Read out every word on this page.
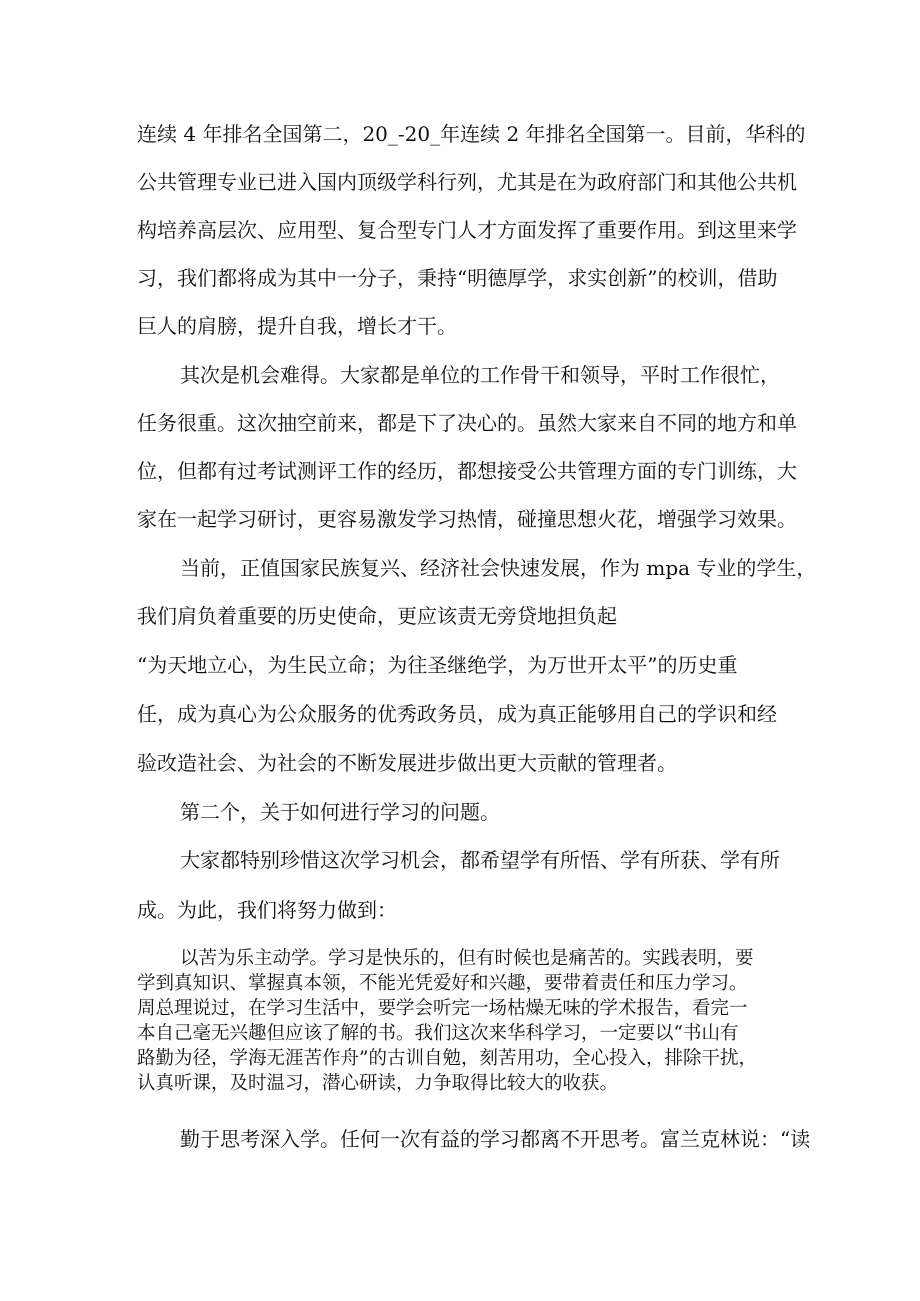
连续 4 年排名全国第二，20_-20_年连续 2 年排名全国第一。目前，华科的
公共管理专业已进入国内顶级学科行列，尤其是在为政府部门和其他公共机
构培养高层次、应用型、复合型专门人才方面发挥了重要作用。到这里来学
习，我们都将成为其中一分子，秉持“明德厚学，求实创新”的校训，借助
巨人的肩膀，提升自我，增长才干。
其次是机会难得。大家都是单位的工作骨干和领导，平时工作很忙，
任务很重。这次抽空前来，都是下了决心的。虽然大家来自不同的地方和单
位，但都有过考试测评工作的经历，都想接受公共管理方面的专门训练，大
家在一起学习研讨，更容易激发学习热情，碰撞思想火花，增强学习效果。
当前，正值国家民族复兴、经济社会快速发展，作为 mpa 专业的学生，
我们肩负着重要的历史使命，更应该责无旁贷地担负起
“为天地立心，为生民立命；为往圣继绝学，为万世开太平”的历史重
任，成为真心为公众服务的优秀政务员，成为真正能够用自己的学识和经
验改造社会、为社会的不断发展进步做出更大贡献的管理者。
第二个，关于如何进行学习的问题。
大家都特别珍惜这次学习机会，都希望学有所悟、学有所获、学有所
成。为此，我们将努力做到：
以苦为乐主动学。学习是快乐的，但有时候也是痛苦的。实践表明，要
学到真知识、掌握真本领，不能光凭爱好和兴趣，要带着责任和压力学习。
周总理说过，在学习生活中，要学会听完一场枯燥无味的学术报告，看完一
本自己毫无兴趣但应该了解的书。我们这次来华科学习，一定要以“书山有
路勤为径，学海无涯苦作舟”的古训自勉，刻苦用功，全心投入，排除干扰，
认真听课，及时温习，潜心研读，力争取得比较大的收获。
勤于思考深入学。任何一次有益的学习都离不开思考。富兰克林说：“读
